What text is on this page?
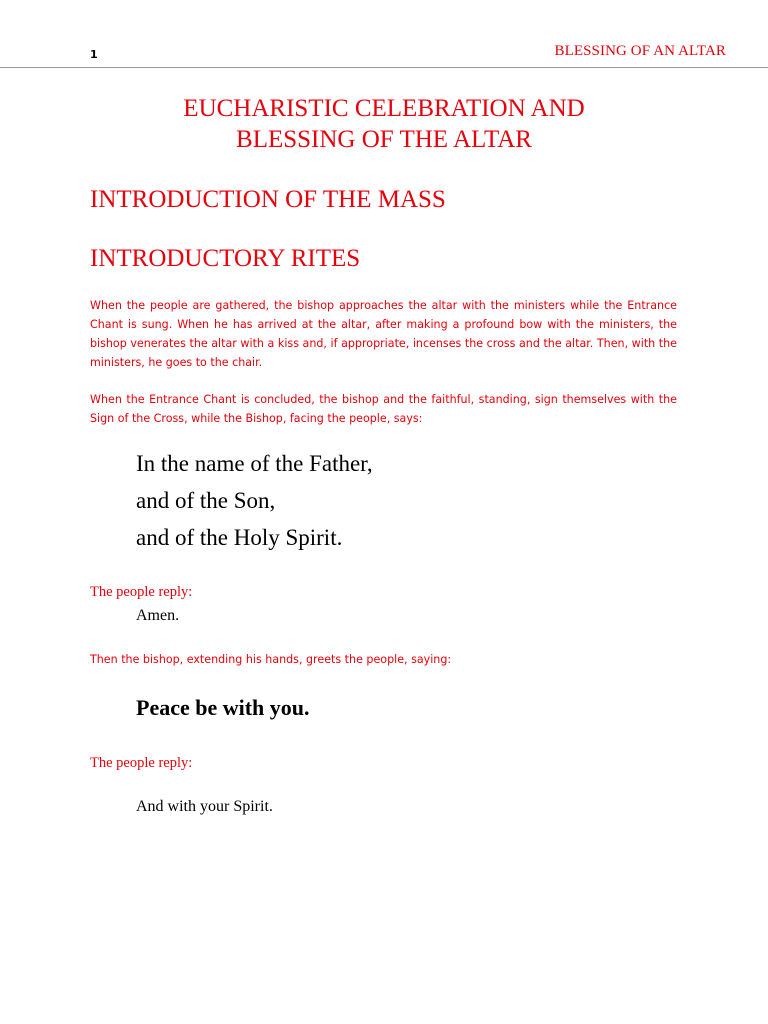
1	BLESSING OF AN ALTAR
EUCHARISTIC CELEBRATION AND
BLESSING OF THE ALTAR
INTRODUCTION OF THE MASS
INTRODUCTORY RITES
When the people are gathered, the bishop approaches the altar with the ministers while the Entrance Chant is sung. When he has arrived at the altar, after making a profound bow with the ministers, the bishop venerates the altar with a kiss and, if appropriate, incenses the cross and the altar. Then, with the ministers, he goes to the chair.
When the Entrance Chant is concluded, the bishop and the faithful, standing, sign themselves with the Sign of the Cross, while the Bishop, facing the people, says:
In the name of the Father,
and of the Son,
and of the Holy Spirit.
The people reply:
Amen.
Then the bishop, extending his hands, greets the people, saying:
Peace be with you.
The people reply:
And with your Spirit.
